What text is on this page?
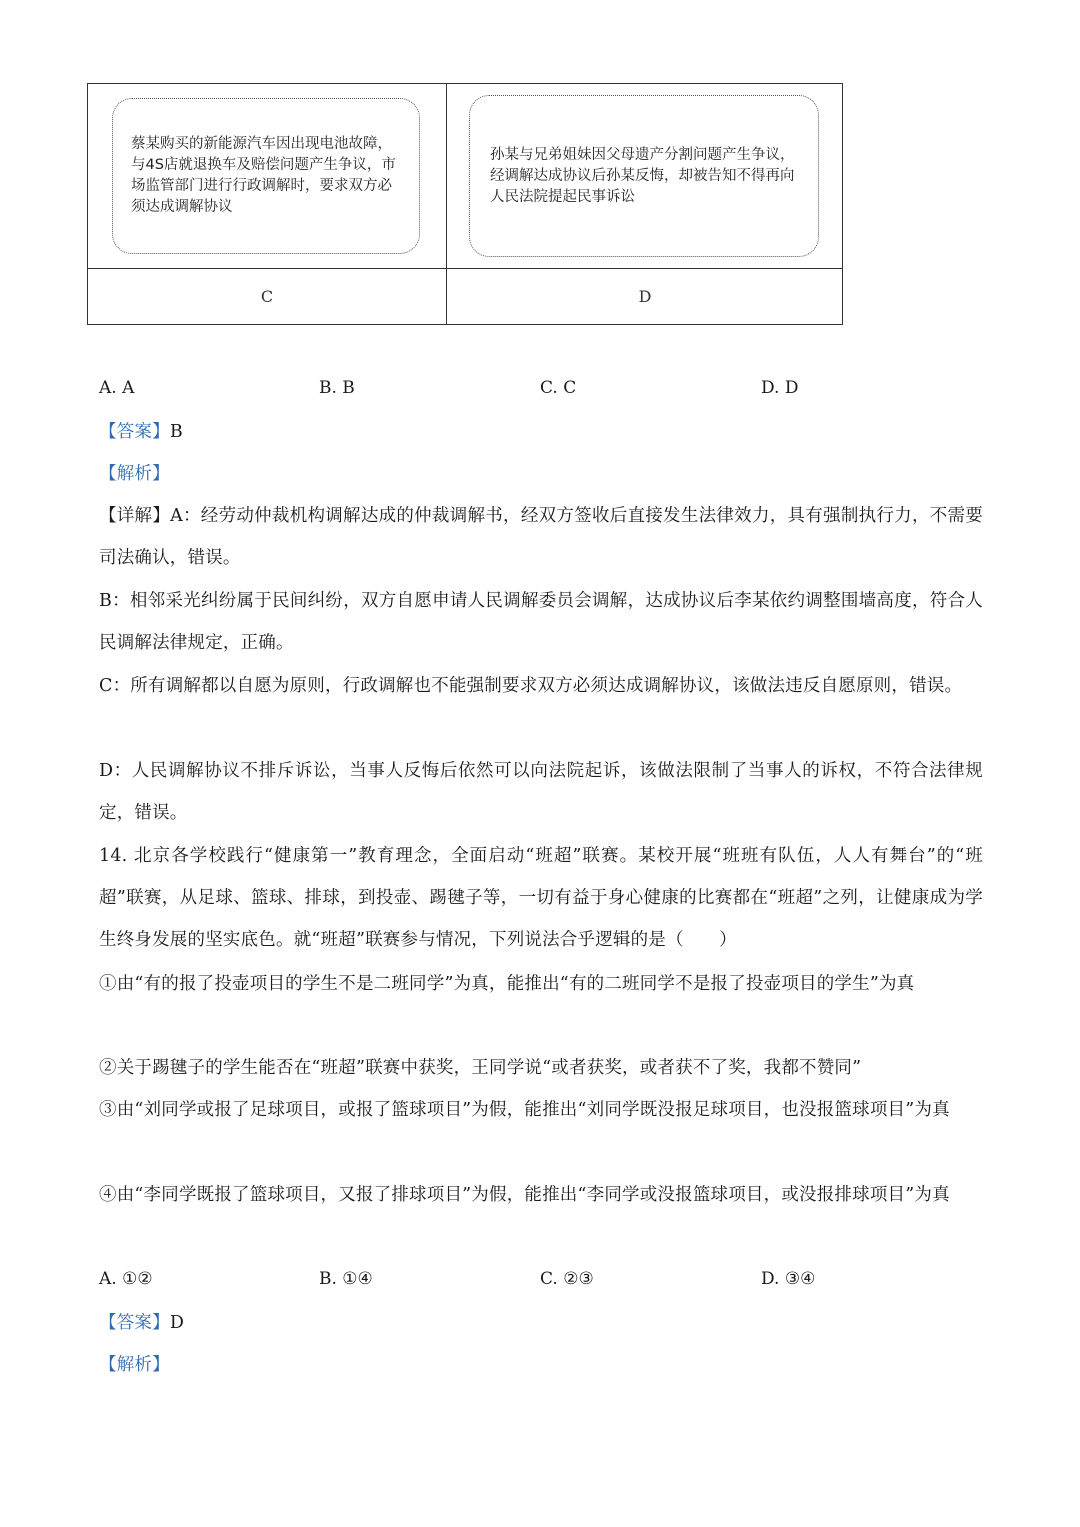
蔡某购买的新能源汽车因出现电池故障，与4S店就退换车及赔偿问题产生争议，市场监管部门进行行政调解时，要求双方必须达成调解协议
孙某与兄弟姐妹因父母遗产分割问题产生争议，经调解达成协议后孙某反悔，却被告知不得再向人民法院提起民事诉讼
C	D
A. A	B. B	C. C	D. D
【答案】B
【解析】
【详解】A：经劳动仲裁机构调解达成的仲裁调解书，经双方签收后直接发生法律效力，具有强制执行力，不需要司法确认，错误。
B：相邻采光纠纷属于民间纠纷，双方自愿申请人民调解委员会调解，达成协议后李某依约调整围墙高度，符合人民调解法律规定，正确。
C：所有调解都以自愿为原则，行政调解也不能强制要求双方必须达成调解协议，该做法违反自愿原则，错误。
D：人民调解协议不排斥诉讼，当事人反悔后依然可以向法院起诉，该做法限制了当事人的诉权，不符合法律规定，错误。
14. 北京各学校践行“健康第一”教育理念，全面启动“班超”联赛。某校开展“班班有队伍，人人有舞台”的“班超”联赛，从足球、篮球、排球，到投壶、踢毽子等，一切有益于身心健康的比赛都在“班超”之列，让健康成为学生终身发展的坚实底色。就“班超”联赛参与情况，下列说法合乎逻辑的是（　　）
①由“有的报了投壶项目的学生不是二班同学”为真，能推出“有的二班同学不是报了投壶项目的学生”为真
②关于踢毽子的学生能否在“班超”联赛中获奖，王同学说“或者获奖，或者获不了奖，我都不赞同”
③由“刘同学或报了足球项目，或报了篮球项目”为假，能推出“刘同学既没报足球项目，也没报篮球项目”为真
④由“李同学既报了篮球项目，又报了排球项目”为假，能推出“李同学或没报篮球项目，或没报排球项目”为真
A. ①②	B. ①④	C. ②③	D. ③④
【答案】D
【解析】
